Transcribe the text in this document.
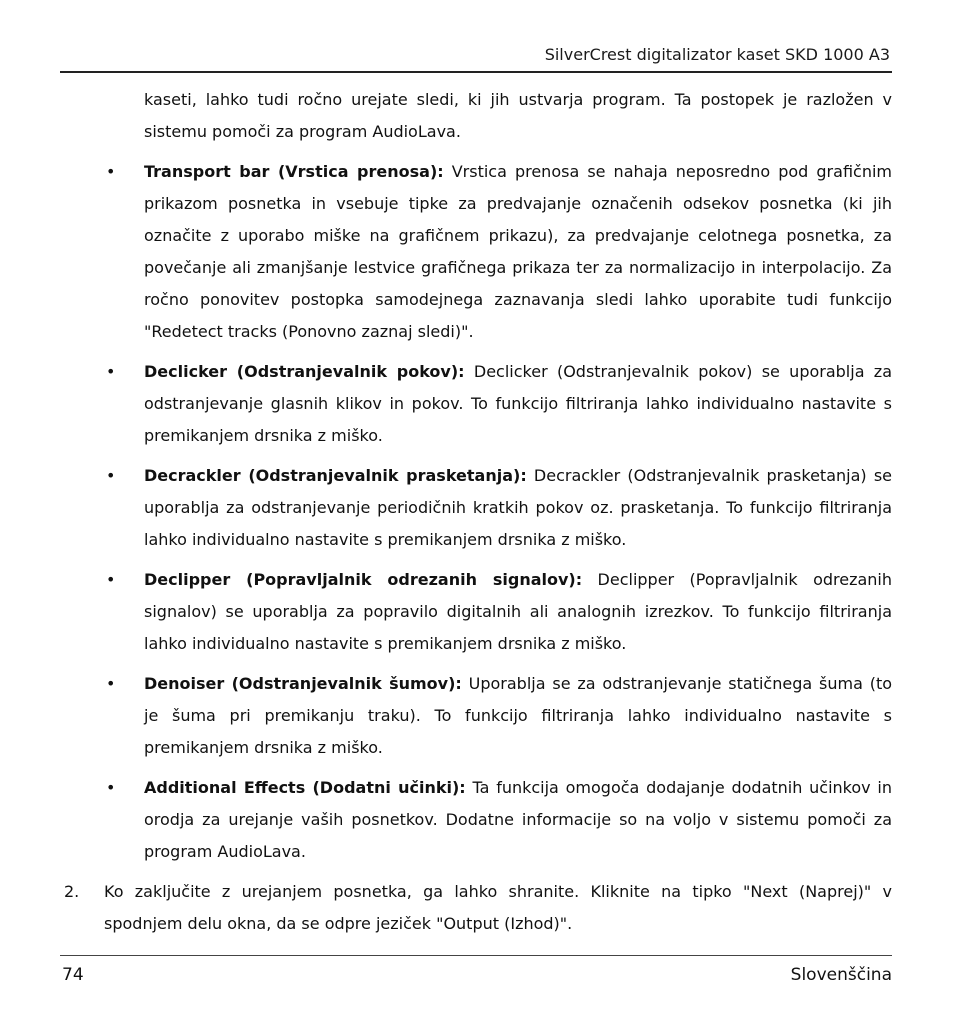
SilverCrest digitalizator kaset SKD 1000 A3
kaseti, lahko tudi ročno urejate sledi, ki jih ustvarja program. Ta postopek je razložen v sistemu pomoči za program AudioLava.
• Transport bar (Vrstica prenosa): Vrstica prenosa se nahaja neposredno pod grafičnim prikazom posnetka in vsebuje tipke za predvajanje označenih odsekov posnetka (ki jih označite z uporabo miške na grafičnem prikazu), za predvajanje celotnega posnetka, za povečanje ali zmanjšanje lestvice grafičnega prikaza ter za normalizacijo in interpolacijo. Za ročno ponovitev postopka samodejnega zaznavanja sledi lahko uporabite tudi funkcijo "Redetect tracks (Ponovno zaznaj sledi)".
• Declicker (Odstranjevalnik pokov): Declicker (Odstranjevalnik pokov) se uporablja za odstranjevanje glasnih klikov in pokov. To funkcijo filtriranja lahko individualno nastavite s premikanjem drsnika z miško.
• Decrackler (Odstranjevalnik prasketanja): Decrackler (Odstranjevalnik prasketanja) se uporablja za odstranjevanje periodičnih kratkih pokov oz. prasketanja. To funkcijo filtriranja lahko individualno nastavite s premikanjem drsnika z miško.
• Declipper (Popravljalnik odrezanih signalov): Declipper (Popravljalnik odrezanih signalov) se uporablja za popravilo digitalnih ali analognih izrezkov. To funkcijo filtriranja lahko individualno nastavite s premikanjem drsnika z miško.
• Denoiser (Odstranjevalnik šumov): Uporablja se za odstranjevanje statičnega šuma (to je šuma pri premikanju traku). To funkcijo filtriranja lahko individualno nastavite s premikanjem drsnika z miško.
• Additional Effects (Dodatni učinki): Ta funkcija omogoča dodajanje dodatnih učinkov in orodja za urejanje vaših posnetkov. Dodatne informacije so na voljo v sistemu pomoči za program AudioLava.
2. Ko zaključite z urejanjem posnetka, ga lahko shranite. Kliknite na tipko "Next (Naprej)" v spodnjem delu okna, da se odpre jeziček "Output (Izhod)".
74	Slovenščina
